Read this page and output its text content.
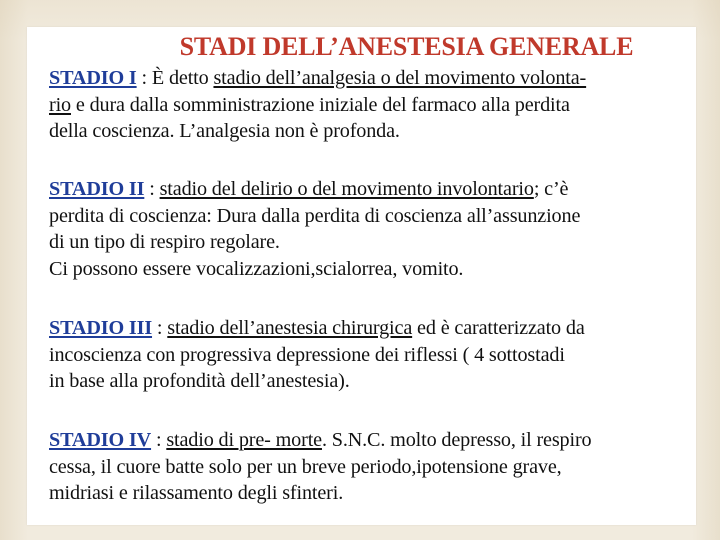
STADI DELL’ANESTESIA GENERALE
STADIO I : È detto stadio dell’analgesia o del movimento volonta-
rio e dura dalla somministrazione iniziale del farmaco alla perdita
della coscienza. L’analgesia non è profonda.
STADIO II : stadio del delirio o del movimento involontario; c’è
perdita di coscienza: Dura dalla perdita di coscienza all’assunzione
di un tipo di respiro regolare.
Ci possono essere vocalizzazioni,scialorrea, vomito.
STADIO III : stadio dell’anestesia chirurgica ed è caratterizzato da
incoscienza con progressiva depressione dei riflessi ( 4 sottostadi
in base alla profondità dell’anestesia).
STADIO IV : stadio di pre- morte. S.N.C. molto depresso, il respiro
cessa, il cuore batte solo per un breve periodo,ipotensione grave,
midriasi e rilassamento degli sfinteri.
